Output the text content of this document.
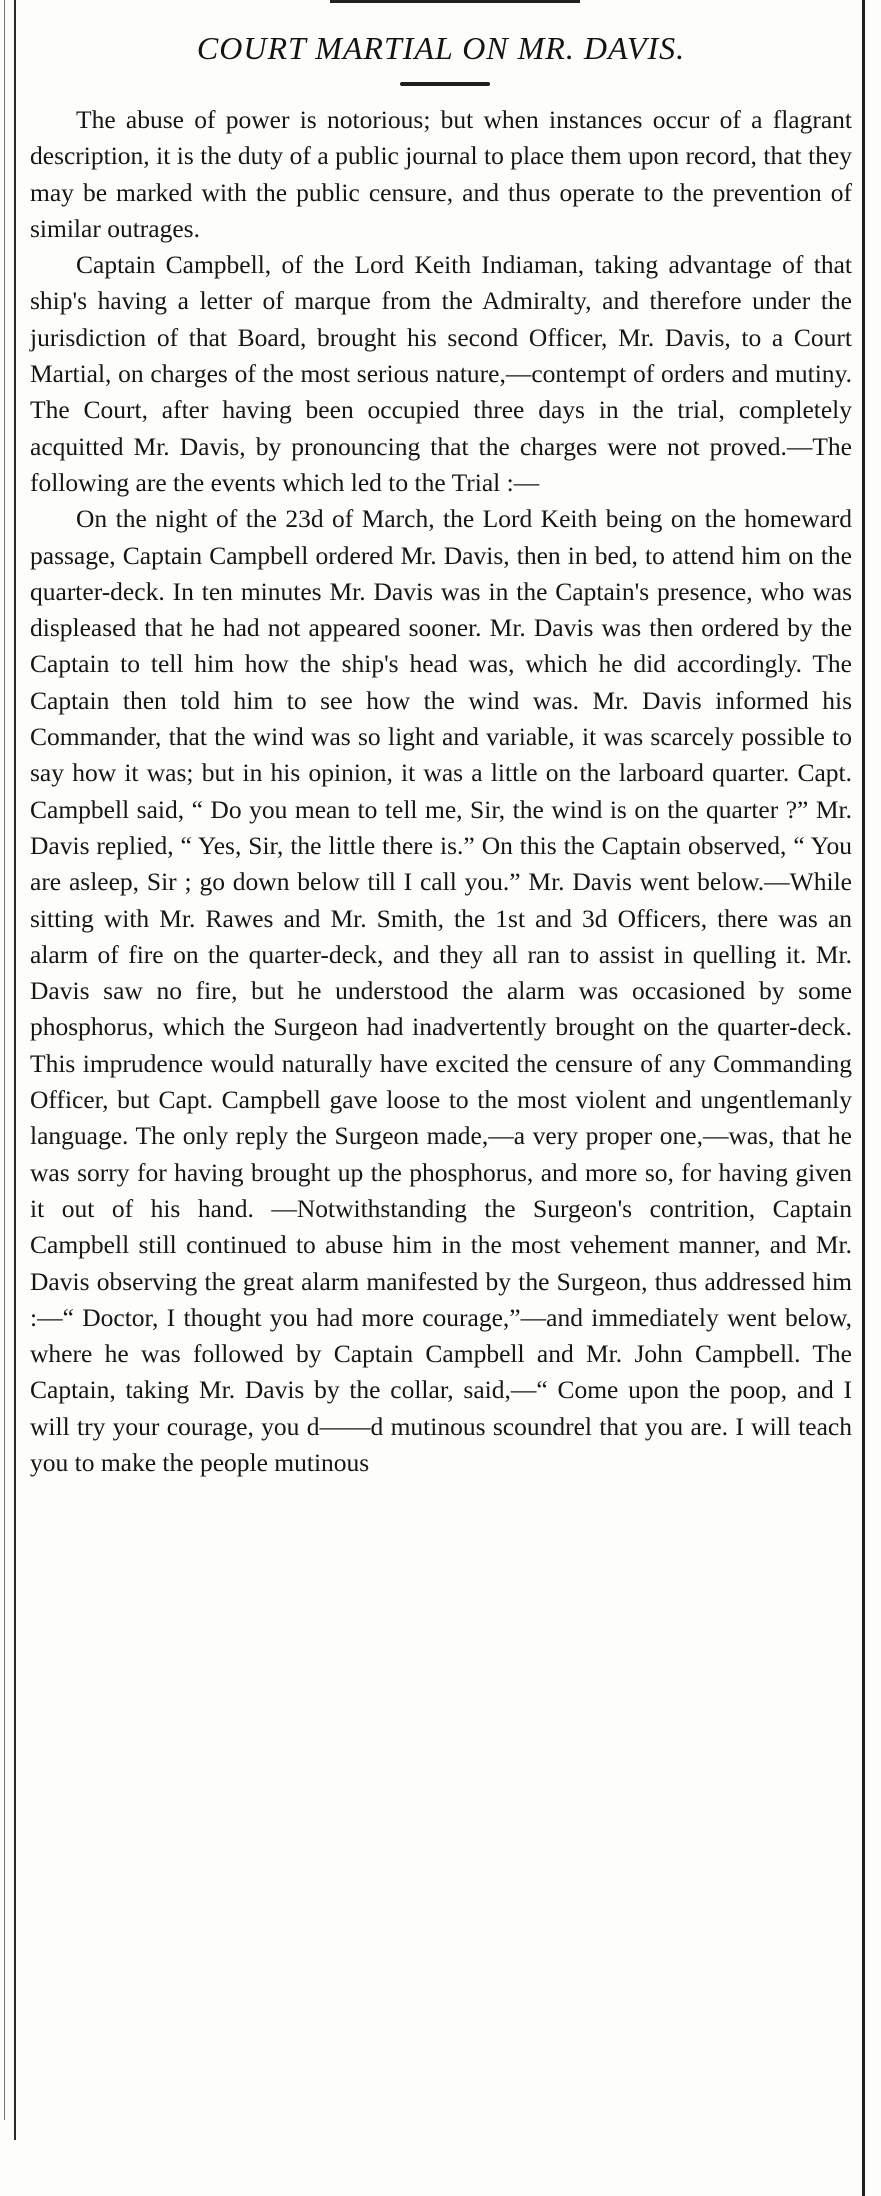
COURT MARTIAL ON MR. DAVIS.

The abuse of power is notorious; but when instances occur of a flagrant description, it is the duty of a public journal to place them upon record, that they may be marked with the public censure, and thus operate to the prevention of similar outrages.

Captain Campbell, of the Lord Keith Indiaman, taking advantage of that ship's having a letter of marque from the Admiralty, and therefore under the jurisdiction of that Board, brought his second Officer, Mr. Davis, to a Court Martial, on charges of the most serious nature,—contempt of orders and mutiny. The Court, after having been occupied three days in the trial, completely acquitted Mr. Davis, by pronouncing that the charges were not proved.—The following are the events which led to the Trial :—

On the night of the 23d of March, the Lord Keith being on the homeward passage, Captain Campbell ordered Mr. Davis, then in bed, to attend him on the quarter-deck. In ten minutes Mr. Davis was in the Captain's presence, who was displeased that he had not appeared sooner. Mr. Davis was then ordered by the Captain to tell him how the ship's head was, which he did accordingly. The Captain then told him to see how the wind was. Mr. Davis informed his Commander, that the wind was so light and variable, it was scarcely possible to say how it was; but in his opinion, it was a little on the larboard quarter. Capt. Campbell said, “ Do you mean to tell me, Sir, the wind is on the quarter ?” Mr. Davis replied, “ Yes, Sir, the little there is.” On this the Captain observed, “ You are asleep, Sir ; go down below till I call you.” Mr. Davis went below.—While sitting with Mr. Rawes and Mr. Smith, the 1st and 3d Officers, there was an alarm of fire on the quarter-deck, and they all ran to assist in quelling it. Mr. Davis saw no fire, but he understood the alarm was occasioned by some phosphorus, which the Surgeon had inadvertently brought on the quarter-deck. This imprudence would naturally have excited the censure of any Commanding Officer, but Capt. Campbell gave loose to the most violent and ungentlemanly language. The only reply the Surgeon made,—a very proper one,—was, that he was sorry for having brought up the phosphorus, and more so, for having given it out of his hand. —Notwithstanding the Surgeon's contrition, Captain Campbell still continued to abuse him in the most vehement manner, and Mr. Davis observing the great alarm manifested by the Surgeon, thus addressed him :—“ Doctor, I thought you had more courage,”—and immediately went below, where he was followed by Captain Campbell and Mr. John Campbell. The Captain, taking Mr. Davis by the collar, said,—“ Come upon the poop, and I will try your courage, you d——d mutinous scoundrel that you are. I will teach you to make the people mutinous
